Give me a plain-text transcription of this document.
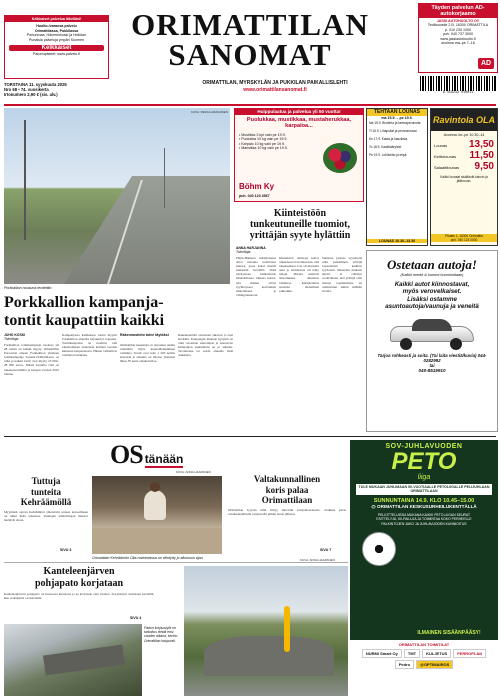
Kelkkaiset palvelua lähelläsi!
Huolto-/varaosa palvelu
Orimattilassa, Pukkilassa
Pertunmaa, Hämeenkoski ja Hollolan
Punaisia palveluja ympäri Suomen
Kelkkaiset
Palvelupisteet: www.palvelu.fi
ORIMATTILAN
SANOMAT
Täyden palvelun AD-autokorjaamo
JASSI AUTOHUOLTO OY
Teollisuustie 2 B, 16300 ORIMATTILA
p. 010 230 1000
puh. 040 737 3000
www.jassiautohuolto.fi
avoinna ma–pe 7–16
AD
6 418233 010011
TORSTAINA 11. syyskuuta 2025
Nro 68 • 74. vuosikerta
Irtonumero 2,90 € (sis. alv.)
ORIMATTILAN, MYRSKYLÄN JA PUKKILAN PAIKALLISLEHTI
www.orimattilansanomat.fi
KUVA: PEKKA ARAVAINEN
Porkkallion nousuna levitettiin.
Porkkallion kampanja-
tontit kaupattiin kaikki
JUHO KOSKI
Toimittaja
Porkkallion tonttikampanja vuokraa yli 28 tontin on kaikki myyty. Orimattilan Porosalon alueen Porkkallion yhteinen tonttikampanja lounais-Orimattilassa on ollut ja kaikki tontit ovat myyty 25 000–28 000 euroa. Näistä tonteilla viisi on rakennusvalmiita ja kaupan vuoden 2025 tilanne.
Kampanjassa kahdeksan tontin myynti Porkkallion alueella käynnistyi nopeasti. Tonttikaupoissa on vaadittu, että rakentaminen aloitetaan kolmen vuoden kuluessa kaupanteosta. Hinnat vaihtelivat tonttikoon mukaan.
Rakennustieto tulee täytöksi
Orimattilan kaupunki on tarjonnut uusiin tontteihin myös kunnallistekniikan valmiina. Tontit ovat noin 1 200 neliön kokoisia ja alueelle on tulossa yhteensä lähes 30 uutta omakotitaloa.
Rakennustöitä odotetaan alkavan jo ensi keväänä. Kaupungin mukaan kysyntä on ollut odotettua suurempaa ja seuraavan kampanjan suunnittelu on jo alkanut. Tavoitteena on saada alueelle lisää asukkaita.
Huippulaatua ja palvelua yli 50 vuotta!
Puolukkaa, mustikkaa, mustaherukkaa, karpaloa...
• Mustikka 3 kpl vain pe 19.9.
• Puolukka 10 kg vain pe 19.9.
• Karpalo 10 kg vain pe 19.9.
• Mansikka 10 kg vain pe 19.9.
Böhm Ky
puh. 040 123 4567
TEHTAAN LOUNAS
ma 15.9. – pe 19.9.
Ma 15.9. Broileria ja kermaperunoita
Ti 16.9. Lihapullat ja perunamuusi
Ke 17.9. Kalaa ja kasviksia
To 18.9. Kaalikääryleet
Pe 19.9. Lohikeitto ja leipä
LOUNAS 10.30–13.30
Ravintola OLA
Avoinna: ke–pe 10.30–14
Lounas 13,50
Keittolounas 11,50
Salaattilounas 9,50
Kaikki lounaat sisältävät kahvin ja jälkiruuan.
Pikatie 1, 16300 Orimattila
puh. 040 123 0000
Kiinteistöön
tunkeutuneille tuomiot,
yrittäjän syyte hylättiin
ANNA HARJANNA
Toimittaja
Päijät-Hämeen käräjäoikeus antoi tiistaina tuomionsa jutussa, jossa kaksi miestä tunkeutui keväällä 2024 yksityiseen kiinteistöön Orimattilassa. Oikeus katsoi, että miehet olivat syyllistyneet kotirauhan rikkomiseen ja vahingontekoon.
Kiinteistön omistaja kertoi oikeudessa havainneensa, että rakennuksen ovet oli murrettu auki ja sisätiloissa oli tehty tuhoja. Miehet kiistivät tarkoituksen aiheuttaa vahinkoa. Käräjäoikeus tuomitsi molemmat sakkoihin.
Samassa jutussa syytettynä ollut paikallinen yrittäjä vapautettiin kaikista syytteistä. Oikeuden mukaan näyttö ei riittänyt osoittamaan, että yrittäjä olisi tiennyt tapahtumista tai osallistunut niihin millään tavalla.
Ostetaan autoja!
(Kaikki merkit & kunnot huomioidaan)
Kaikki autot kiinnostavat,
myös verovelkaiset.
Lisäksi ostamme
asuntoautoja/vaunuja ja veneitä
Tarjoa rohkeasti ja soita. (Tai laita viestiä/kuvia) 044-0282992
tai
040-8519910
OS tänään
Tuttuja
tunteita
Kehräämöllä
Myymistä olevan Kehräämön yhteistöön uuteen kokoelmaan on tullut lisää aineistoa. Vanhojen tehdastilojen muistot heräävät eloon.
SIVU 3
KUVA: ANNA HAAPANEN
Orimattilan Kehräämön Olla-ravintolassa on viihdytty jo alkukuun ajan.
Valtakunnallinen
koris palaa
Orimattilaan
Orimattilan Jyrysin nimi liittyy ulkoväki koripalloseurasta. Joukkue palaa valtakunnalliselle sarjatasolle pitkän tauon jälkeen.
SIVU 7
Kanteleenjärven
pohjapato korjataan
Kanteleenjärven pohjapato on huonossa kunnossa ja se korjataan ensi vuonna. Korjaustyöt aloitetaan keväällä, kun vedenpinta on matalalla.
SIVU 4
Padon korjaustyöt on tarkoitus tehdä ensi vuoden aikana, kertoo Orimattilan kaupunki.
KUVA: ANNA HAAPANEN
SOV-JUHLAVUODEN
PETO
liiga
TULE MUKAAN JUHLIMAAN 50-VUOTIAALLE PETOLIIGALLE PELIJUHLAAN ORIMATTILAAN
SUNNUNTAINA 14.9. KLO 10.45–15.00
@ ORIMATTILAN KESKUSURHEILUKENTTÄLLÄ
PELIOTTELUISSA MUKANA KAIKKI PETO-LIIGAN SEURAT
ESITTELYJÄ, KILPAILUJA JA TOIMINTAA KOKO PERHEELLE
PALKINTOJEN JAKO JA JUHLAVUODEN KUNNIOITUS
ILMAINEN SISÄÄNPÄÄSY!
ORIMATTILAN TOIMITILAT
NURMI Smart Oy	TMT	KULJETUS	FERROPLAN
Pedro	@OPTIMAIROS
